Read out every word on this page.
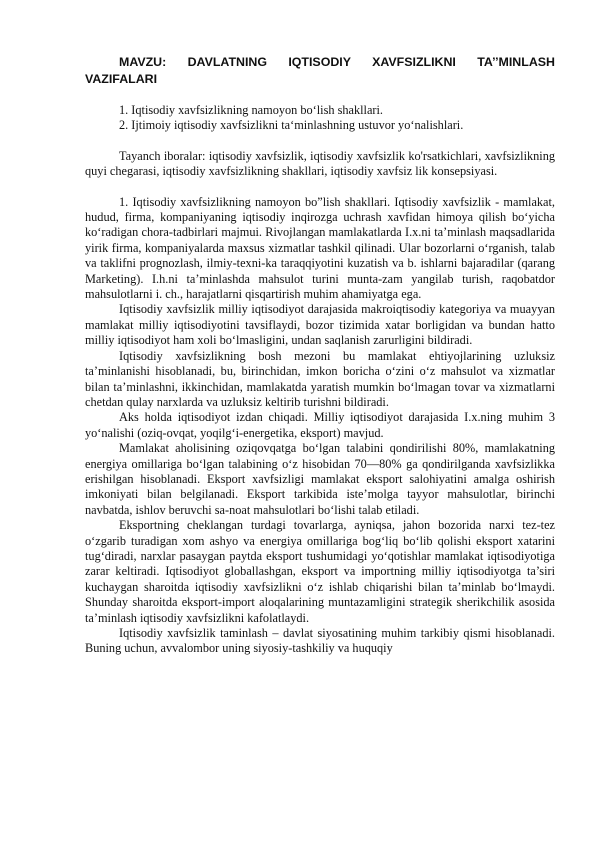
MAVZU: DAVLATNING IQTISODIY XAVFSIZLIKNI TA’’MINLASH VAZIFALARI
1. Iqtisodiy xavfsizlikning namoyon bo‘lish shakllari.
2. Ijtimoiy iqtisodiy xavfsizlikni ta‘minlashning ustuvor yo‘nalishlari.

Tayanch iboralar: iqtisodiy xavfsizlik, iqtisodiy xavfsizlik ko'rsatkichlari, xavfsizlikning quyi chegarasi, iqtisodiy xavfsizlikning shakllari, iqtisodiy xavfsiz lik konsepsiyasi.

1. Iqtisodiy xavfsizlikning namoyon bo”lish shakllari. Iqtisodiy xavfsizlik - mamlakat, hudud, firma, kompaniyaning iqtisodiy inqirozga uchrash xavfidan himoya qilish bo‘yicha ko‘radigan chora-tadbirlari majmui. Rivojlangan mamlakatlarda I.x.ni ta’minlash maqsadlarida yirik firma, kompaniyalarda maxsus xizmatlar tashkil qilinadi. Ular bozorlarni o‘rganish, talab va taklifni prognozlash, ilmiy-texni-ka taraqqiyotini kuzatish va b. ishlarni bajaradilar (qarang Marketing). I.h.ni ta’minlashda mahsulot turini munta-zam yangilab turish, raqobatdor mahsulotlarni i. ch., harajatlarni qisqartirish muhim ahamiyatga ega.

Iqtisodiy xavfsizlik milliy iqtisodiyot darajasida makroiqtisodiy kategoriya va muayyan mamlakat milliy iqtisodiyotini tavsiflaydi, bozor tizimida xatar borligidan va bundan hatto milliy iqtisodiyot ham xoli bo‘lmasligini, undan saqlanish zarurligini bildiradi.

Iqtisodiy xavfsizlikning bosh mezoni bu mamlakat ehtiyojlarining uzluksiz ta’minlanishi hisoblanadi, bu, birinchidan, imkon boricha o‘zini o‘z mahsulot va xizmatlar bilan ta’minlashni, ikkinchidan, mamlakatda yaratish mumkin bo‘lmagan tovar va xizmatlarni chetdan qulay narxlarda va uzluksiz keltirib turishni bildiradi.

Aks holda iqtisodiyot izdan chiqadi. Milliy iqtisodiyot darajasida I.x.ning muhim 3 yo‘nalishi (oziq-ovqat, yoqilg‘i-energetika, eksport) mavjud.

Mamlakat aholisining oziqovqatga bo‘lgan talabini qondirilishi 80%, mamlakatning energiya omillariga bo‘lgan talabining o‘z hisobidan 70—80% ga qondirilganda xavfsizlikka erishilgan hisoblanadi. Eksport xavfsizligi mamlakat eksport salohiyatini amalga oshirish imkoniyati bilan belgilanadi. Eksport tarkibida iste’molga tayyor mahsulotlar, birinchi navbatda, ishlov beruvchi sa-noat mahsulotlari bo‘lishi talab etiladi.

Eksportning cheklangan turdagi tovarlarga, ayniqsa, jahon bozorida narxi tez-tez o‘zgarib turadigan xom ashyo va energiya omillariga bog‘liq bo‘lib qolishi eksport xatarini tug‘diradi, narxlar pasaygan paytda eksport tushumidagi yo‘qotishlar mamlakat iqtisodiyotiga zarar keltiradi. Iqtisodiyot globallashgan, eksport va importning milliy iqtisodiyotga ta’siri kuchaygan sharoitda iqtisodiy xavfsizlikni o‘z ishlab chiqarishi bilan ta’minlab bo‘lmaydi. Shunday sharoitda eksport-import aloqalarining muntazamligini strategik sherikchilik asosida ta’minlash iqtisodiy xavfsizlikni kafolatlaydi.

Iqtisodiy xavfsizlik taminlash – davlat siyosatining muhim tarkibiy qismi hisoblanadi. Buning uchun, avvalombor uning siyosiy-tashkiliy va huquqiy
